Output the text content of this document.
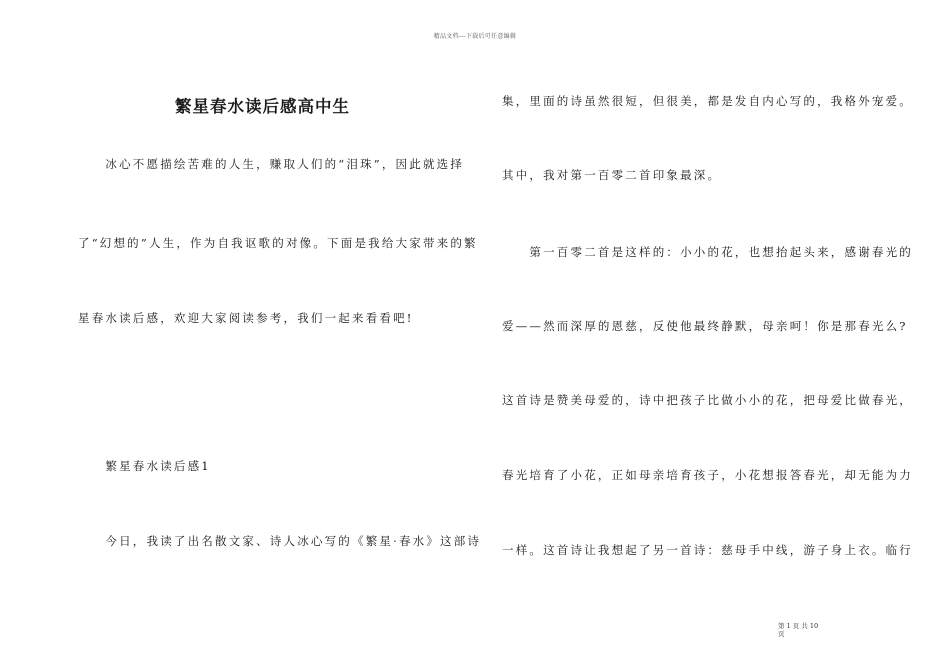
精品文档---下载后可任意编辑
繁星春水读后感高中生
　　冰心不愿描绘苦难的人生，赚取人们的“泪珠”，因此就选择
了“幻想的”人生，作为自我讴歌的对像。下面是我给大家带来的繁
星春水读后感，欢迎大家阅读参考，我们一起来看看吧!
　　繁星春水读后感1
　　今日，我读了出名散文家、诗人冰心写的《繁星·春水》这部诗
集，里面的诗虽然很短，但很美，都是发自内心写的，我格外宠爱。
其中，我对第一百零二首印象最深。
　　第一百零二首是这样的：小小的花，也想抬起头来，感谢春光的
爱——然而深厚的恩慈，反使他最终静默，母亲呵！你是那春光么?
这首诗是赞美母爱的，诗中把孩子比做小小的花，把母爱比做春光，
春光培育了小花，正如母亲培育孩子，小花想报答春光，却无能为力
一样。这首诗让我想起了另一首诗：慈母手中线，游子身上衣。临行
第 1 页 共 10
页
